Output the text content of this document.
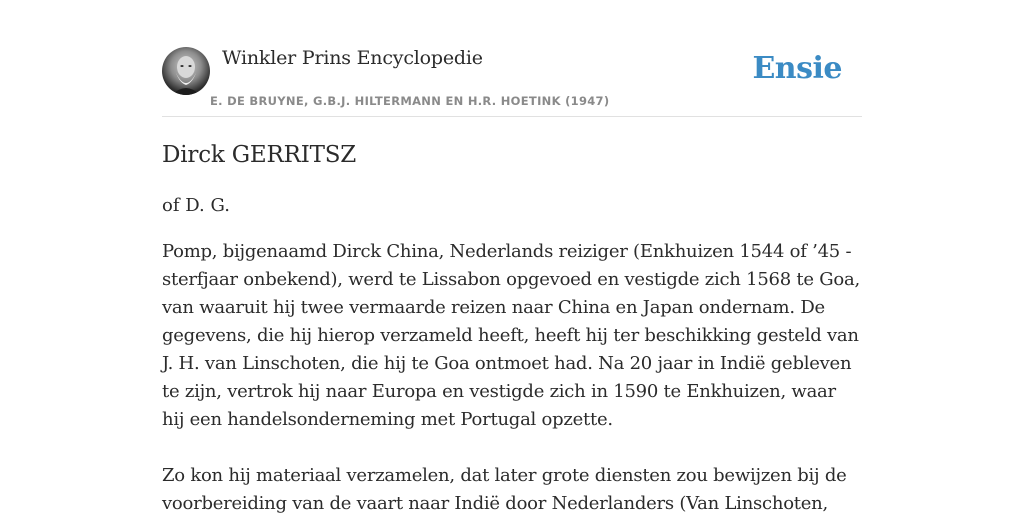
Winkler Prins Encyclopedie
E. DE BRUYNE, G.B.J. HILTERMANN EN H.R. HOETINK (1947)
Ensie
Dirck GERRITSZ

of D. G.

Pomp, bijgenaamd Dirck China, Nederlands reiziger (Enkhuizen 1544 of ’45 - sterfjaar onbekend), werd te Lissabon opgevoed en vestigde zich 1568 te Goa, van waaruit hij twee vermaarde reizen naar China en Japan ondernam. De gegevens, die hij hierop verzameld heeft, heeft hij ter beschikking gesteld van J. H. van Linschoten, die hij te Goa ontmoet had. Na 20 jaar in Indië gebleven te zijn, vertrok hij naar Europa en vestigde zich in 1590 te Enkhuizen, waar hij een handelsonderneming met Portugal opzette.

Zo kon hij materiaal verzamelen, dat later grote diensten zou bewijzen bij de voorbereiding van de vaart naar Indië door Nederlanders (Van Linschoten,
